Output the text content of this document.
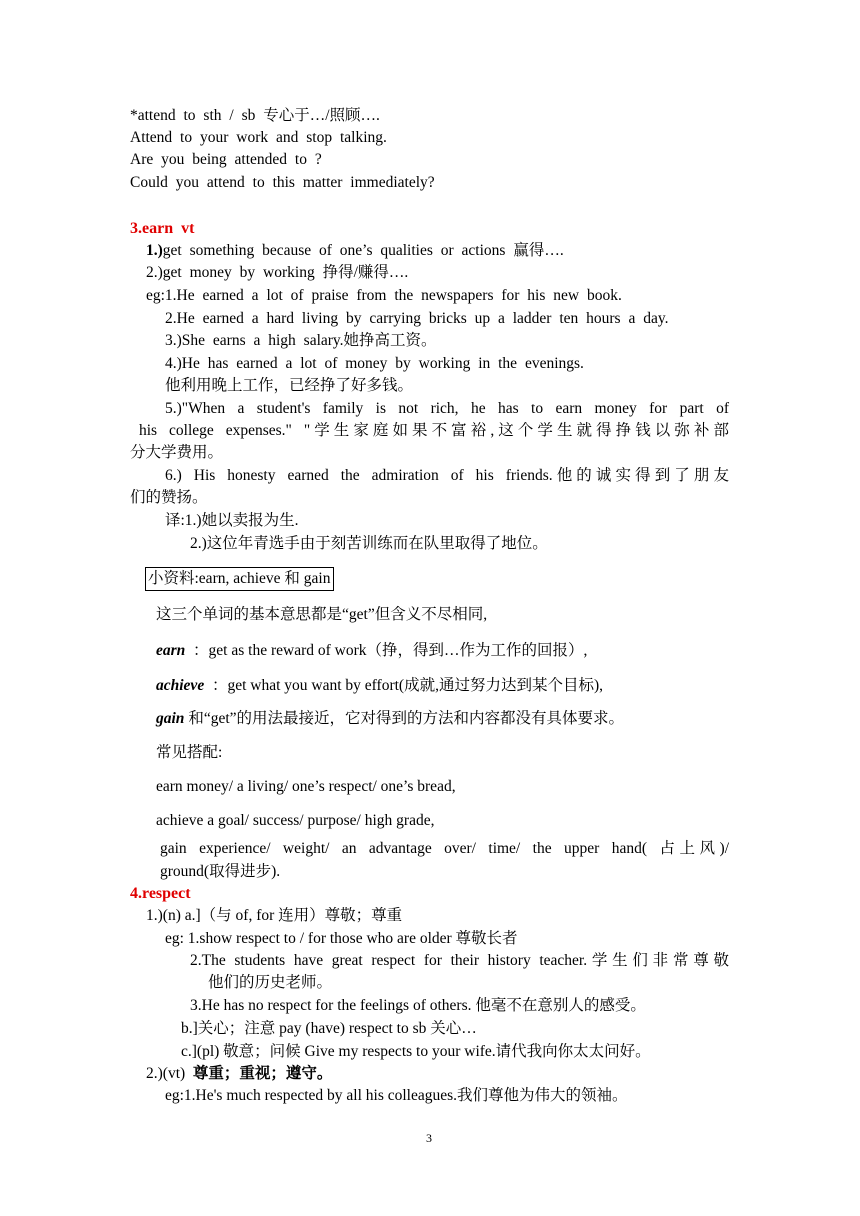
*attend to sth / sb 专心于…/照顾….
Attend to your work and stop talking.
Are you being attended to ?
Could you attend to this matter immediately?
3.earn vt
1.)get something because of one’s qualities or actions 赢得….
2.)get money by working 挣得/赚得….
eg:1.He earned a lot of praise from the newspapers for his new book.
2.He earned a hard living by carrying bricks up a ladder ten hours a day.
3.)She earns a high salary.她挣高工资。
4.)He has earned a lot of money by working in the evenings.
他利用晚上工作，已经挣了好多钱。
5.)"When a student's family is not rich, he has to earn money for part of
his college expenses." "学生家庭如果不富裕,这个学生就得挣钱以弥补部
分大学费用。
6.) His honesty earned the admiration of his friends.他的诚实得到了朋友
们的赞扬。
译:1.)她以卖报为生.
2.)这位年青选手由于刻苦训练而在队里取得了地位。
小资料:earn, achieve 和 gain
这三个单词的基本意思都是“get”但含义不尽相同,
earn ：get as the reward of work（挣，得到…作为工作的回报）,
achieve ：get what you want by effort(成就,通过努力达到某个目标),
gain 和“get”的用法最接近，它对得到的方法和内容都没有具体要求。
常见搭配:
earn money/ a living/ one’s respect/ one’s bread,
achieve a goal/ success/ purpose/ high grade,
gain experience/ weight/ an advantage over/ time/ the upper hand( 占上风)/
ground(取得进步).
4.respect
1.)(n) a.]（与 of, for 连用）尊敬；尊重
eg: 1.show respect to / for those who are older 尊敬长者
2.The students have great respect for their history teacher.学生们非常尊敬
他们的历史老师。
3.He has no respect for the feelings of others. 他毫不在意别人的感受。
b.]关心；注意 pay (have) respect to sb 关心…
c.](pl) 敬意；问候 Give my respects to your wife.请代我向你太太问好。
2.)(vt) 尊重；重视；遵守。
eg:1.He's much respected by all his colleagues.我们尊他为伟大的领袖。
3
